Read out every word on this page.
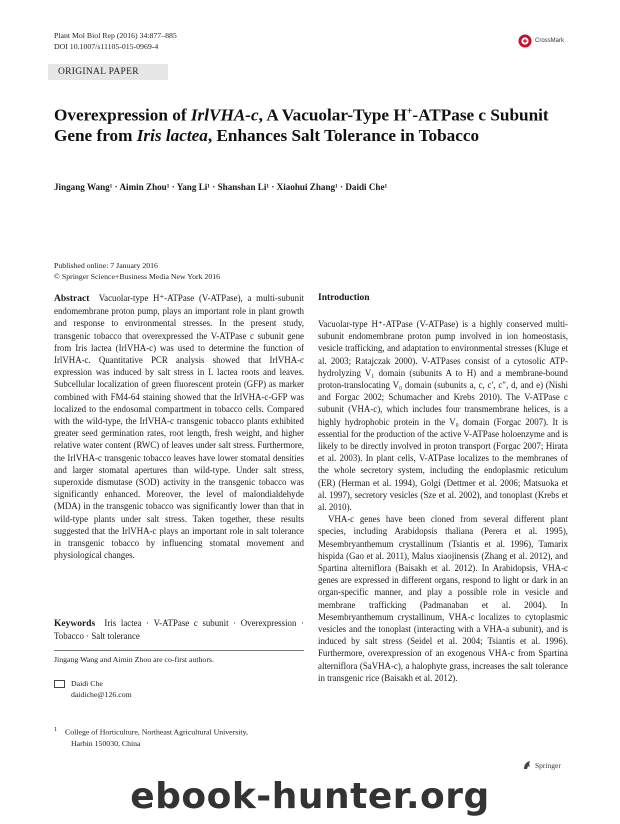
Plant Mol Biol Rep (2016) 34:877–885
DOI 10.1007/s11105-015-0969-4
CrossMark
ORIGINAL PAPER
Overexpression of IrlVHA-c, A Vacuolar-Type H+-ATPase c Subunit Gene from Iris lactea, Enhances Salt Tolerance in Tobacco
Jingang Wang¹ · Aimin Zhou¹ · Yang Li¹ · Shanshan Li¹ · Xiaohui Zhang¹ · Daidi Che¹
Published online: 7 January 2016
© Springer Science+Business Media New York 2016
Abstract Vacuolar-type H⁺-ATPase (V-ATPase), a multi-subunit endomembrane proton pump, plays an important role in plant growth and response to environmental stresses. In the present study, transgenic tobacco that overexpressed the V-ATPase c subunit gene from Iris lactea (IrlVHA-c) was used to determine the function of IrlVHA-c. Quantitative PCR analysis showed that IrlVHA-c expression was induced by salt stress in I. lactea roots and leaves. Subcellular localization of green fluorescent protein (GFP) as marker combined with FM4-64 staining showed that the IrlVHA-c-GFP was localized to the endosomal compartment in tobacco cells. Compared with the wild-type, the IrlVHA-c transgenic tobacco plants exhibited greater seed germination rates, root length, fresh weight, and higher relative water content (RWC) of leaves under salt stress. Furthermore, the IrlVHA-c transgenic tobacco leaves have lower stomatal densities and larger stomatal apertures than wild-type. Under salt stress, superoxide dismutase (SOD) activity in the transgenic tobacco was significantly enhanced. Moreover, the level of malondialdehyde (MDA) in the transgenic tobacco was significantly lower than that in wild-type plants under salt stress. Taken together, these results suggested that the IrlVHA-c plays an important role in salt tolerance in transgenic tobacco by influencing stomatal movement and physiological changes.
Keywords Iris lactea · V-ATPase c subunit · Overexpression · Tobacco · Salt tolerance
Jingang Wang and Aimin Zhou are co-first authors.
Daidi Che
daidiche@126.com
$^1$ College of Horticulture, Northeast Agricultural University,
Harbin 150030, China
Introduction

Vacuolar-type H⁺-ATPase (V-ATPase) is a highly conserved multi-subunit endomembrane proton pump involved in ion homeostasis, vesicle trafficking, and adaptation to environmental stresses (Kluge et al. 2003; Ratajczak 2000). V-ATPases consist of a cytosolic ATP-hydrolyzing V₁ domain (subunits A to H) and a membrane-bound proton-translocating V₀ domain (subunits a, c, c′, c″, d, and e) (Nishi and Forgac 2002; Schumacher and Krebs 2010). The V-ATPase c subunit (VHA-c), which includes four transmembrane helices, is a highly hydrophobic protein in the V₀ domain (Forgac 2007). It is essential for the production of the active V-ATPase holoenzyme and is likely to be directly involved in proton transport (Forgac 2007; Hirata et al. 2003). In plant cells, V-ATPase localizes to the membranes of the whole secretory system, including the endoplasmic reticulum (ER) (Herman et al. 1994), Golgi (Dettmer et al. 2006; Matsuoka et al. 1997), secretory vesicles (Sze et al. 2002), and tonoplast (Krebs et al. 2010).

VHA-c genes have been cloned from several different plant species, including Arabidopsis thaliana (Perera et al. 1995), Mesembryanthemum crystallinum (Tsiantis et al. 1996), Tamarix hispida (Gao et al. 2011), Malus xiaojinensis (Zhang et al. 2012), and Spartina alterniflora (Baisakh et al. 2012). In Arabidopsis, VHA-c genes are expressed in different organs, respond to light or dark in an organ-specific manner, and play a possible role in vesicle and membrane trafficking (Padmanaban et al. 2004). In Mesembryanthemum crystallinum, VHA-c localizes to cytoplasmic vesicles and the tonoplast (interacting with a VHA-a subunit), and is induced by salt stress (Seidel et al. 2004; Tsiantis et al. 1996). Furthermore, overexpression of an exogenous VHA-c from Spartina alterniflora (SaVHA-c), a halophyte grass, increases the salt tolerance in transgenic rice (Baisakh et al. 2012).

Springer
ebook-hunter.org
